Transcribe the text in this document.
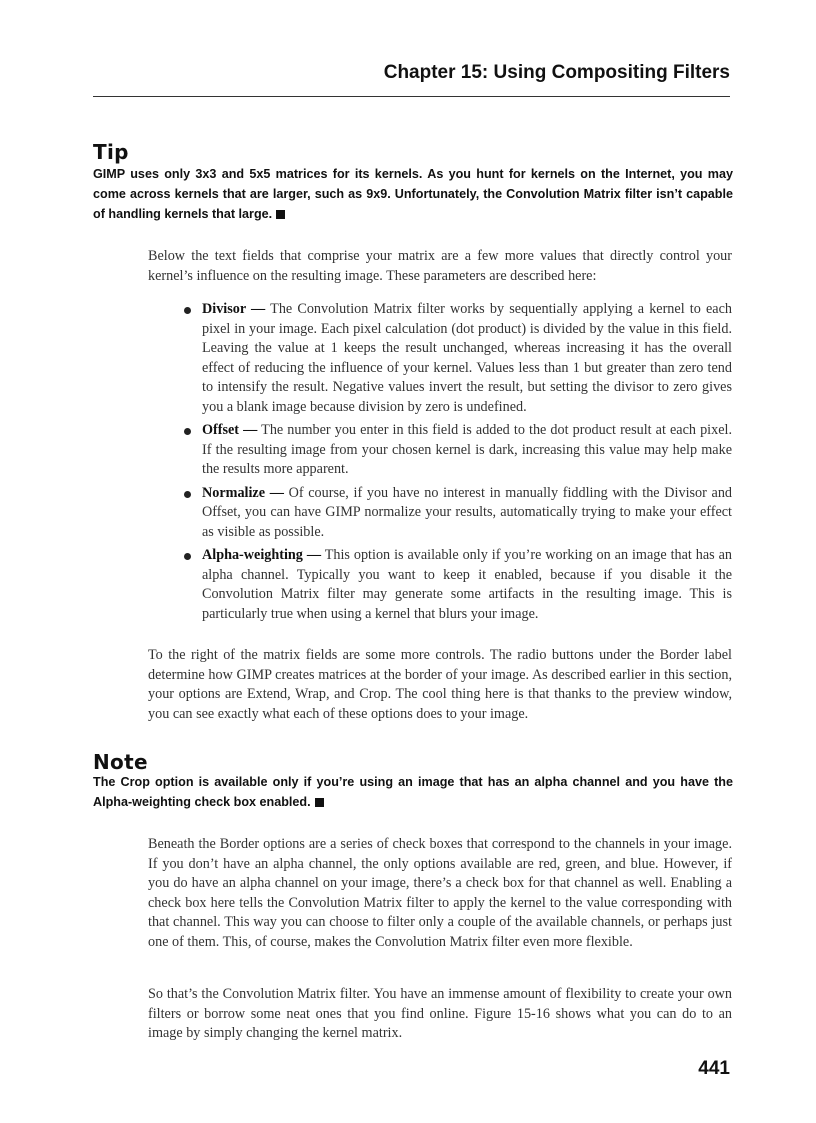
Chapter 15: Using Compositing Filters
Tip
GIMP uses only 3x3 and 5x5 matrices for its kernels. As you hunt for kernels on the Internet, you may come across kernels that are larger, such as 9x9. Unfortunately, the Convolution Matrix filter isn’t capable of handling kernels that large.
Below the text fields that comprise your matrix are a few more values that directly control your kernel’s influence on the resulting image. These parameters are described here:
Divisor — The Convolution Matrix filter works by sequentially applying a kernel to each pixel in your image. Each pixel calculation (dot product) is divided by the value in this field. Leaving the value at 1 keeps the result unchanged, whereas increasing it has the overall effect of reducing the influence of your kernel. Values less than 1 but greater than zero tend to intensify the result. Negative values invert the result, but setting the divisor to zero gives you a blank image because division by zero is undefined.
Offset — The number you enter in this field is added to the dot product result at each pixel. If the resulting image from your chosen kernel is dark, increasing this value may help make the results more apparent.
Normalize — Of course, if you have no interest in manually fiddling with the Divisor and Offset, you can have GIMP normalize your results, automatically trying to make your effect as visible as possible.
Alpha-weighting — This option is available only if you’re working on an image that has an alpha channel. Typically you want to keep it enabled, because if you disable it the Convolution Matrix filter may generate some artifacts in the resulting image. This is particularly true when using a kernel that blurs your image.
To the right of the matrix fields are some more controls. The radio buttons under the Border label determine how GIMP creates matrices at the border of your image. As described earlier in this section, your options are Extend, Wrap, and Crop. The cool thing here is that thanks to the preview window, you can see exactly what each of these options does to your image.
Note
The Crop option is available only if you’re using an image that has an alpha channel and you have the Alpha-weighting check box enabled.
Beneath the Border options are a series of check boxes that correspond to the channels in your image. If you don’t have an alpha channel, the only options available are red, green, and blue. However, if you do have an alpha channel on your image, there’s a check box for that channel as well. Enabling a check box here tells the Convolution Matrix filter to apply the kernel to the value corresponding with that channel. This way you can choose to filter only a couple of the available channels, or perhaps just one of them. This, of course, makes the Convolution Matrix filter even more flexible.
So that’s the Convolution Matrix filter. You have an immense amount of flexibility to create your own filters or borrow some neat ones that you find online. Figure 15-16 shows what you can do to an image by simply changing the kernel matrix.
441
